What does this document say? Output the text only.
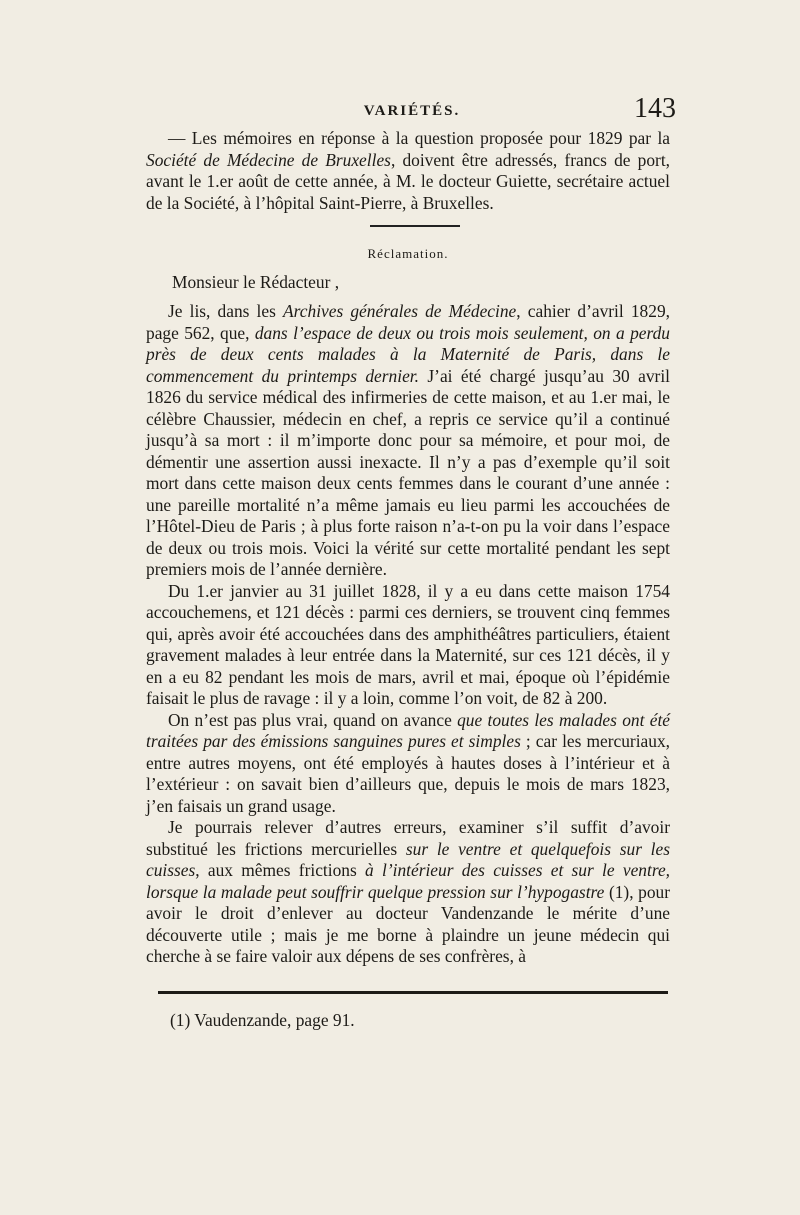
VARIÉTÉS.	143

— Les mémoires en réponse à la question proposée pour 1829 par la Société de Médecine de Bruxelles, doivent être adressés, francs de port, avant le 1.er août de cette année, à M. le docteur Guiette, secrétaire actuel de la Société, à l’hôpital Saint-Pierre, à Bruxelles.

Réclamation.
Monsieur le Rédacteur ,

Je lis, dans les Archives générales de Médecine, cahier d’avril 1829, page 562, que, dans l’espace de deux ou trois mois seulement, on a perdu près de deux cents malades à la Maternité de Paris, dans le commencement du printemps dernier. J’ai été chargé jusqu’au 30 avril 1826 du service médical des infirmeries de cette maison, et au 1.er mai, le célèbre Chaussier, médecin en chef, a repris ce service qu’il a continué jusqu’à sa mort : il m’importe donc pour sa mémoire, et pour moi, de démentir une assertion aussi inexacte. Il n’y a pas d’exemple qu’il soit mort dans cette maison deux cents femmes dans le courant d’une année : une pareille mortalité n’a même jamais eu lieu parmi les accouchées de l’Hôtel-Dieu de Paris ; à plus forte raison n’a-t-on pu la voir dans l’espace de deux ou trois mois. Voici la vérité sur cette mortalité pendant les sept premiers mois de l’année dernière.

Du 1.er janvier au 31 juillet 1828, il y a eu dans cette maison 1754 accouchemens, et 121 décès : parmi ces derniers, se trouvent cinq femmes qui, après avoir été accouchées dans des amphithéâtres particuliers, étaient gravement malades à leur entrée dans la Maternité, sur ces 121 décès, il y en a eu 82 pendant les mois de mars, avril et mai, époque où l’épidémie faisait le plus de ravage : il y a loin, comme l’on voit, de 82 à 200.

On n’est pas plus vrai, quand on avance que toutes les malades ont été traitées par des émissions sanguines pures et simples ; car les mercuriaux, entre autres moyens, ont été employés à hautes doses à l’intérieur et à l’extérieur : on savait bien d’ailleurs que, depuis le mois de mars 1823, j’en faisais un grand usage.

Je pourrais relever d’autres erreurs, examiner s’il suffit d’avoir substitué les frictions mercurielles sur le ventre et quelquefois sur les cuisses, aux mêmes frictions à l’intérieur des cuisses et sur le ventre, lorsque la malade peut souffrir quelque pression sur l’hypogastre (1), pour avoir le droit d’enlever au docteur Vandenzande le mérite d’une découverte utile ; mais je me borne à plaindre un jeune médecin qui cherche à se faire valoir aux dépens de ses confrères, à

(1) Vaudenzande, page 91.
